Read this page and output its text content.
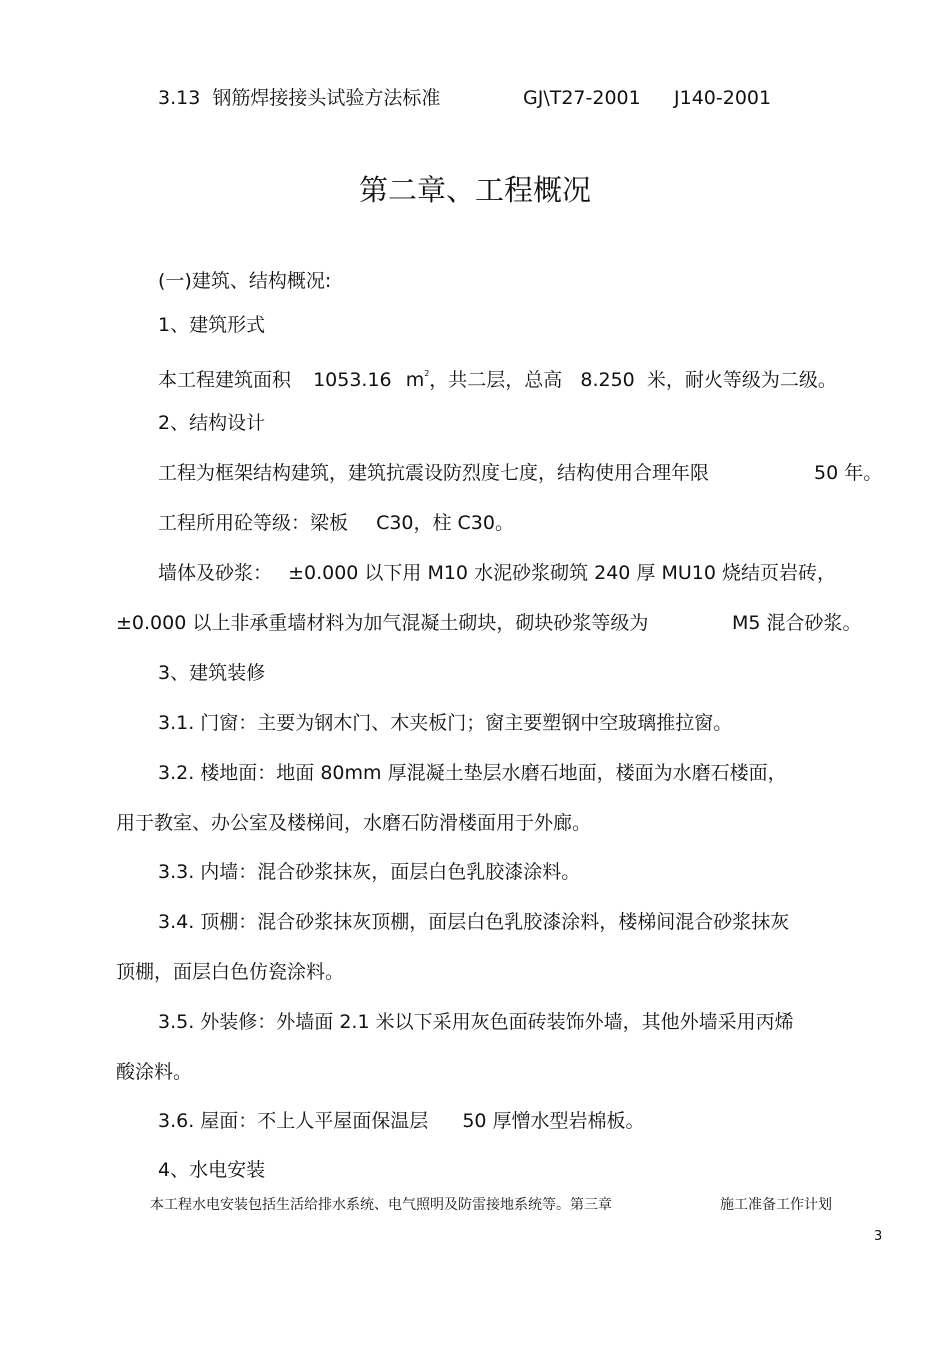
3.13 钢筋焊接接头试验方法标准	GJ\T27-2001 J140-2001
第二章、工程概况
(一)建筑、结构概况:
1、建筑形式
本工程建筑面积 1053.16 $m^2$，共二层，总高 8.250 米，耐火等级为二级。
2、结构设计
工程为框架结构建筑，建筑抗震设防烈度七度，结构使用合理年限	50 年。
工程所用砼等级：梁板 C30，柱 C30。
墙体及砂浆： ±0.000 以下用 M10 水泥砂浆砌筑 240 厚 MU10 烧结页岩砖，
±0.000 以上非承重墙材料为加气混凝土砌块，砌块砂浆等级为	M5 混合砂浆。
3、建筑装修
3.1. 门窗：主要为钢木门、木夹板门；窗主要塑钢中空玻璃推拉窗。
3.2. 楼地面：地面 80mm 厚混凝土垫层水磨石地面，楼面为水磨石楼面，
用于教室、办公室及楼梯间，水磨石防滑楼面用于外廊。
3.3. 内墙：混合砂浆抹灰，面层白色乳胶漆涂料。
3.4. 顶棚：混合砂浆抹灰顶棚，面层白色乳胶漆涂料，楼梯间混合砂浆抹灰
顶棚，面层白色仿瓷涂料。
3.5. 外装修：外墙面 2.1 米以下采用灰色面砖装饰外墙，其他外墙采用丙烯
酸涂料。
3.6. 屋面：不上人平屋面保温层 50 厚憎水型岩棉板。
4、水电安装
本工程水电安装包括生活给排水系统、电气照明及防雷接地系统等。第三章	施工准备工作计划
3
